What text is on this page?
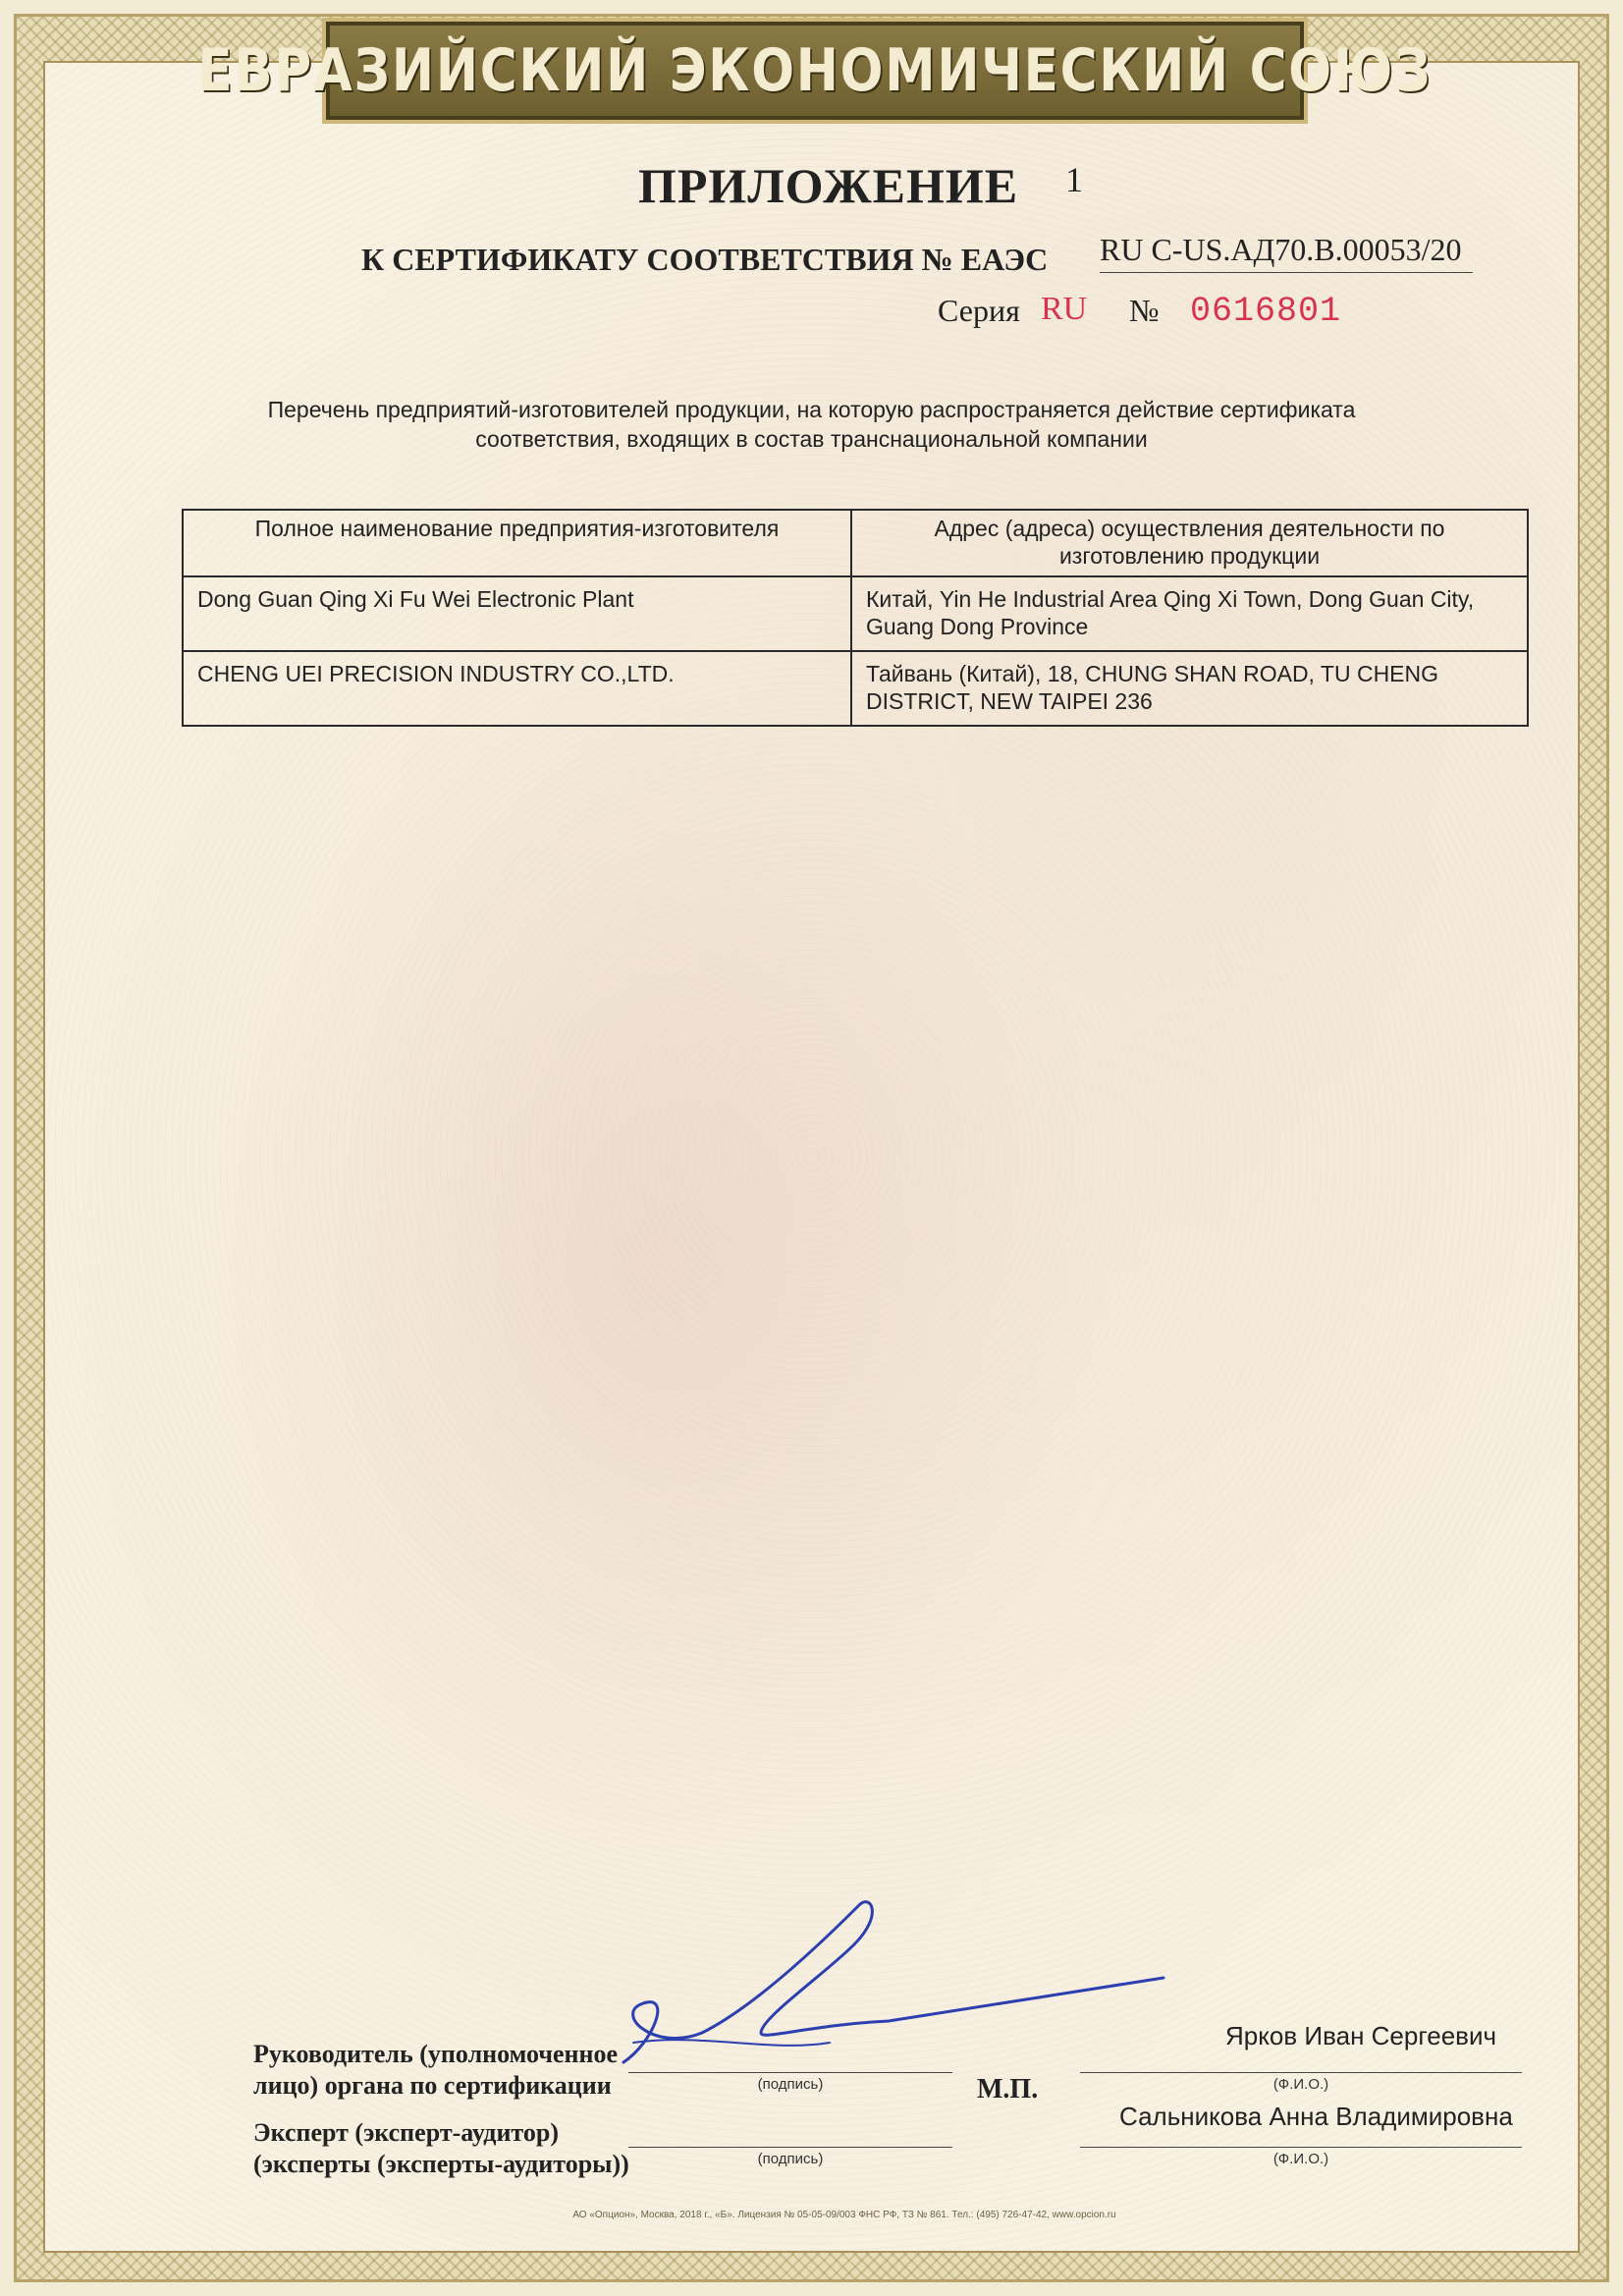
ЕВРАЗИЙСКИЙ ЭКОНОМИЧЕСКИЙ СОЮЗ
ПРИЛОЖЕНИЕ 1
К СЕРТИФИКАТУ СООТВЕТСТВИЯ № ЕАЭС RU C-US.АД70.В.00053/20
Серия RU № 0616801
Перечень предприятий-изготовителей продукции, на которую распространяется действие сертификата соответствия, входящих в состав транснациональной компании
Полное наименование предприятия-изготовителя	Адрес (адреса) осуществления деятельности по изготовлению продукции
Dong Guan Qing Xi Fu Wei Electronic Plant	Китай, Yin He Industrial Area Qing Xi Town, Dong Guan City, Guang Dong Province
CHENG UEI PRECISION INDUSTRY CO.,LTD.	Тайвань (Китай), 18, CHUNG SHAN ROAD, TU CHENG DISTRICT, NEW TAIPEI 236
Руководитель (уполномоченное
лицо) органа по сертификации	(подпись)	М.П.
Ярков Иван Сергеевич
(Ф.И.О.)
Эксперт (эксперт-аудитор)
(эксперты (эксперты-аудиторы))	(подпись)
Сальникова Анна Владимировна
(Ф.И.О.)
АО «Опцион», Москва, 2018 г., «Б». Лицензия № 05-05-09/003 ФНС РФ, ТЗ № 861. Тел.: (495) 726-47-42, www.opcion.ru
